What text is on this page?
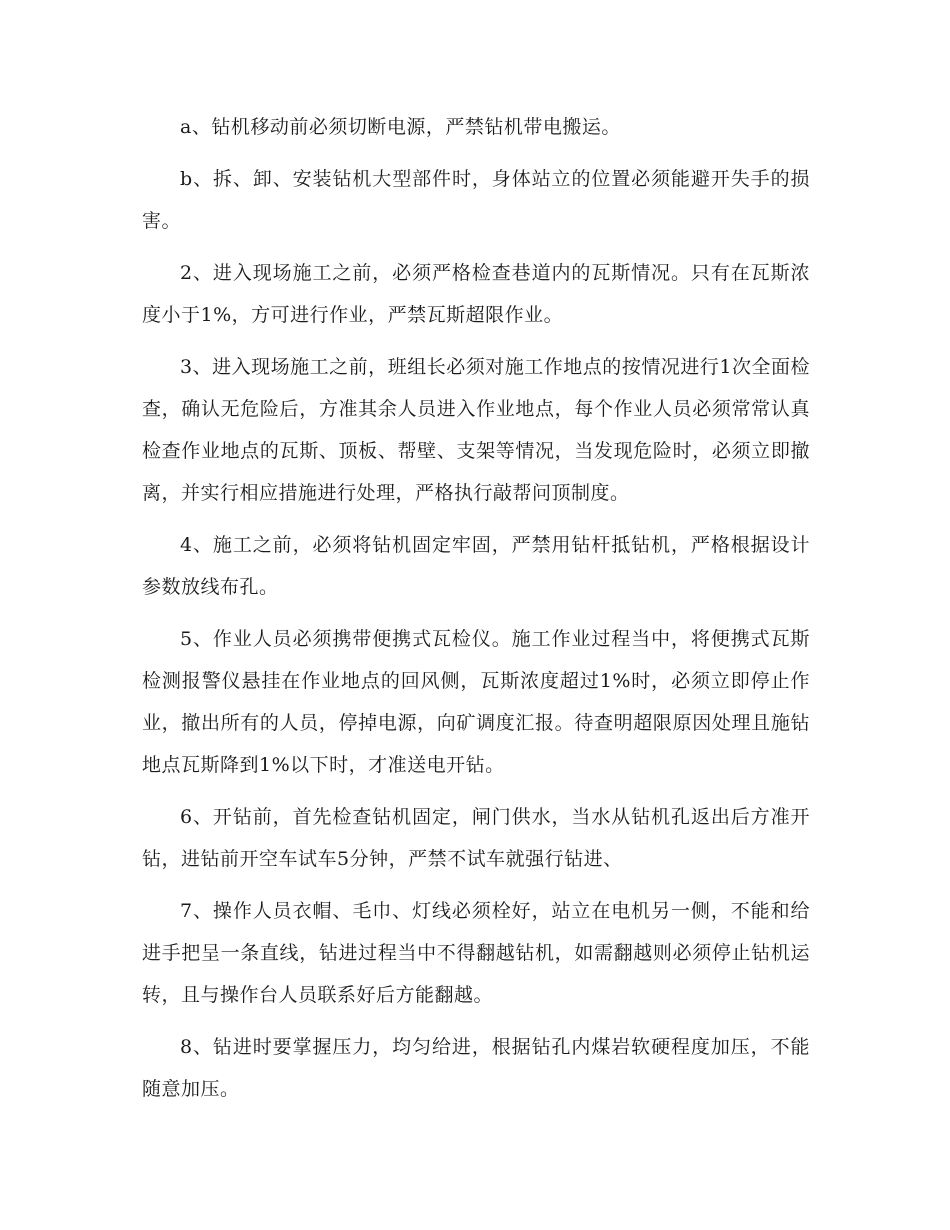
a、钻机移动前必须切断电源，严禁钻机带电搬运。

b、拆、卸、安装钻机大型部件时，身体站立的位置必须能避开失手的损害。

2、进入现场施工之前，必须严格检查巷道内的瓦斯情况。只有在瓦斯浓度小于1%，方可进行作业，严禁瓦斯超限作业。

3、进入现场施工之前，班组长必须对施工作地点的按情况进行1次全面检查，确认无危险后，方准其余人员进入作业地点，每个作业人员必须常常认真检查作业地点的瓦斯、顶板、帮壁、支架等情况，当发现危险时，必须立即撤离，并实行相应措施进行处理，严格执行敲帮问顶制度。

4、施工之前，必须将钻机固定牢固，严禁用钻杆抵钻机，严格根据设计参数放线布孔。

5、作业人员必须携带便携式瓦检仪。施工作业过程当中，将便携式瓦斯检测报警仪悬挂在作业地点的回风侧，瓦斯浓度超过1%时，必须立即停止作业，撤出所有的人员，停掉电源，向矿调度汇报。待查明超限原因处理且施钻地点瓦斯降到1%以下时，才准送电开钻。

6、开钻前，首先检查钻机固定，闸门供水，当水从钻机孔返出后方准开钻，进钻前开空车试车5分钟，严禁不试车就强行钻进、

7、操作人员衣帽、毛巾、灯线必须栓好，站立在电机另一侧，不能和给进手把呈一条直线，钻进过程当中不得翻越钻机，如需翻越则必须停止钻机运转，且与操作台人员联系好后方能翻越。

8、钻进时要掌握压力，均匀给进，根据钻孔内煤岩软硬程度加压，不能随意加压。
